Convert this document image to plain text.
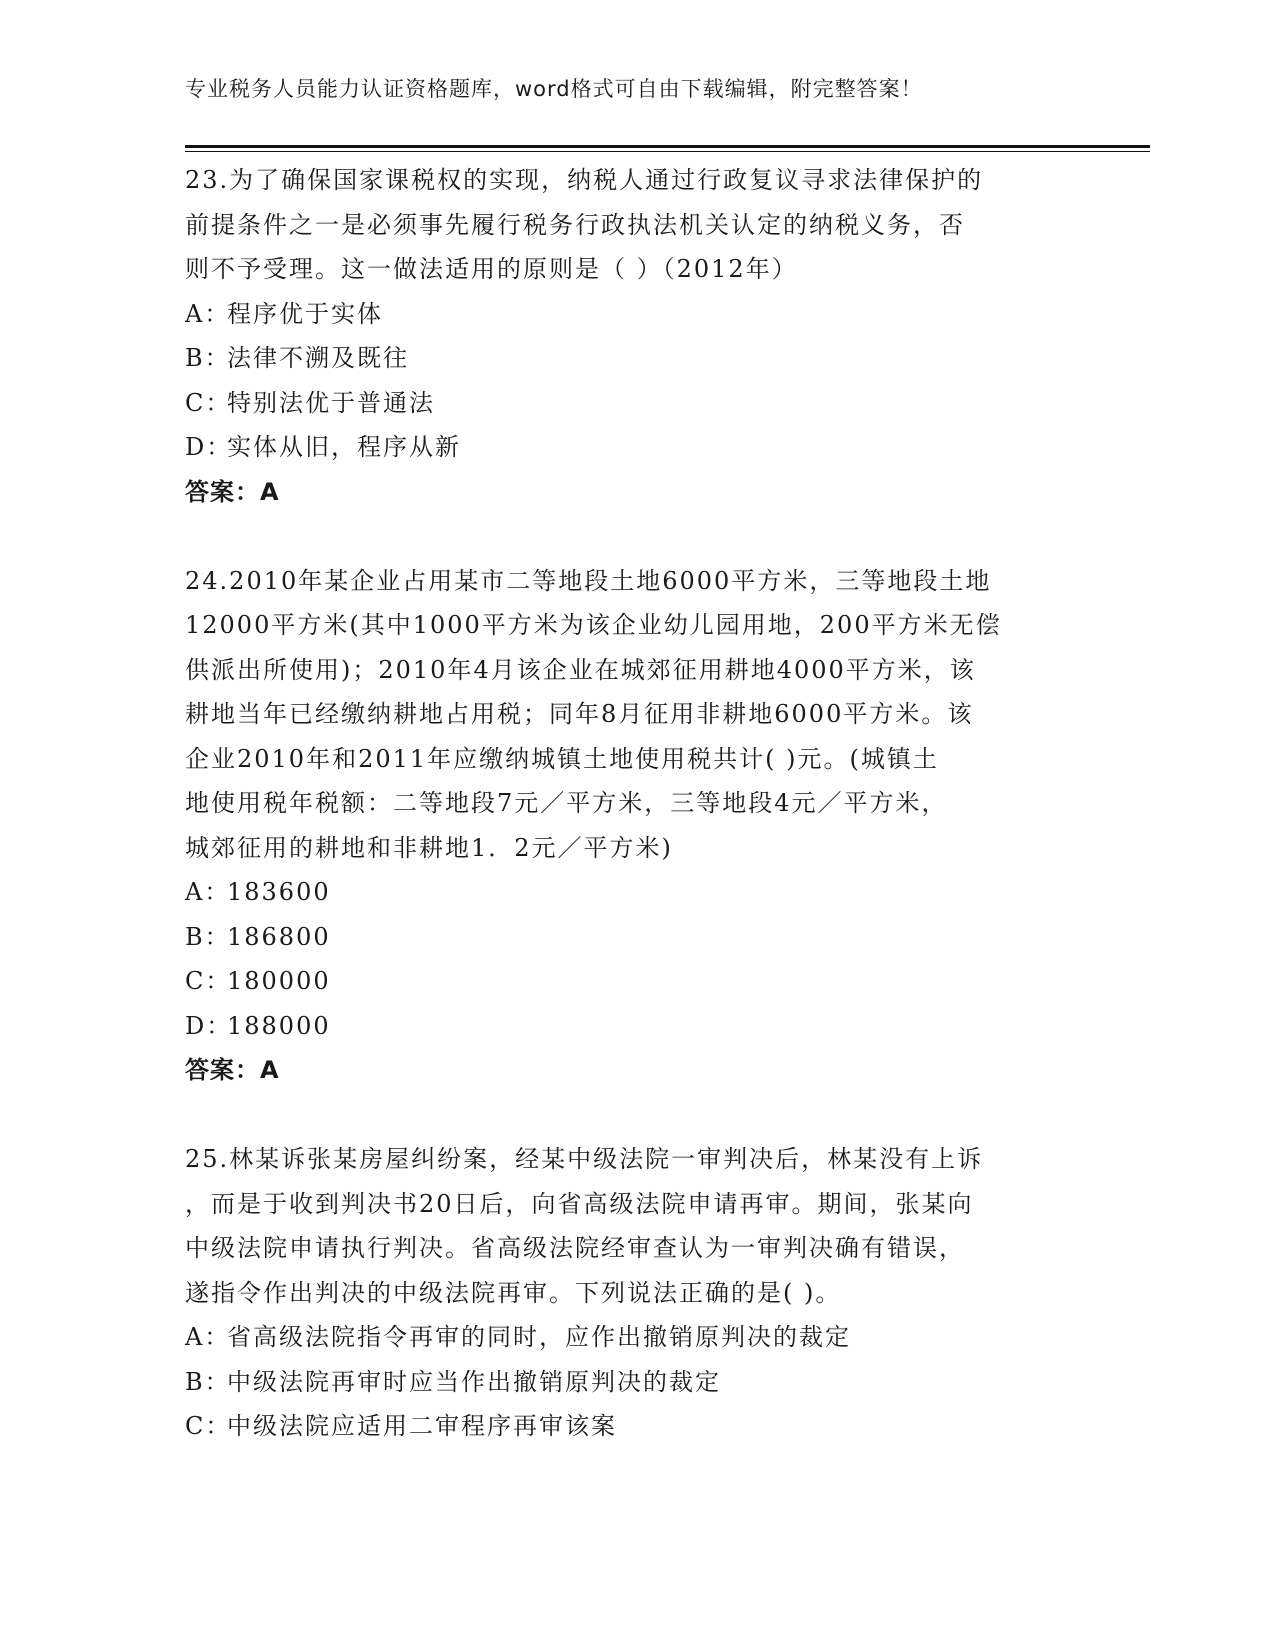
专业税务人员能力认证资格题库，word格式可自由下载编辑，附完整答案！
23.为了确保国家课税权的实现，纳税人通过行政复议寻求法律保护的
前提条件之一是必须事先履行税务行政执法机关认定的纳税义务，否
则不予受理。这一做法适用的原则是（ ）（2012年）
A：
程序优于实体
B：
法律不溯及既往
C：
特别法优于普通法
D：
实体从旧，程序从新
答案：A
24.2010年某企业占用某市二等地段土地6000平方米，三等地段土地
12000平方米(其中1000平方米为该企业幼儿园用地，200平方米无偿
供派出所使用)；2010年4月该企业在城郊征用耕地4000平方米，该
耕地当年已经缴纳耕地占用税；同年8月征用非耕地6000平方米。该
企业2010年和2011年应缴纳城镇土地使用税共计( )元。(城镇土
地使用税年税额：二等地段7元／平方米，三等地段4元／平方米，
城郊征用的耕地和非耕地1．2元／平方米)
A：
183600
B：
186800
C：
180000
D：
188000
答案：A
25.林某诉张某房屋纠纷案，经某中级法院一审判决后，林某没有上诉
，而是于收到判决书20日后，向省高级法院申请再审。期间，张某向
中级法院申请执行判决。省高级法院经审查认为一审判决确有错误，
遂指令作出判决的中级法院再审。下列说法正确的是( )。
A：
省高级法院指令再审的同时，应作出撤销原判决的裁定
B：
中级法院再审时应当作出撤销原判决的裁定
C：
中级法院应适用二审程序再审该案
